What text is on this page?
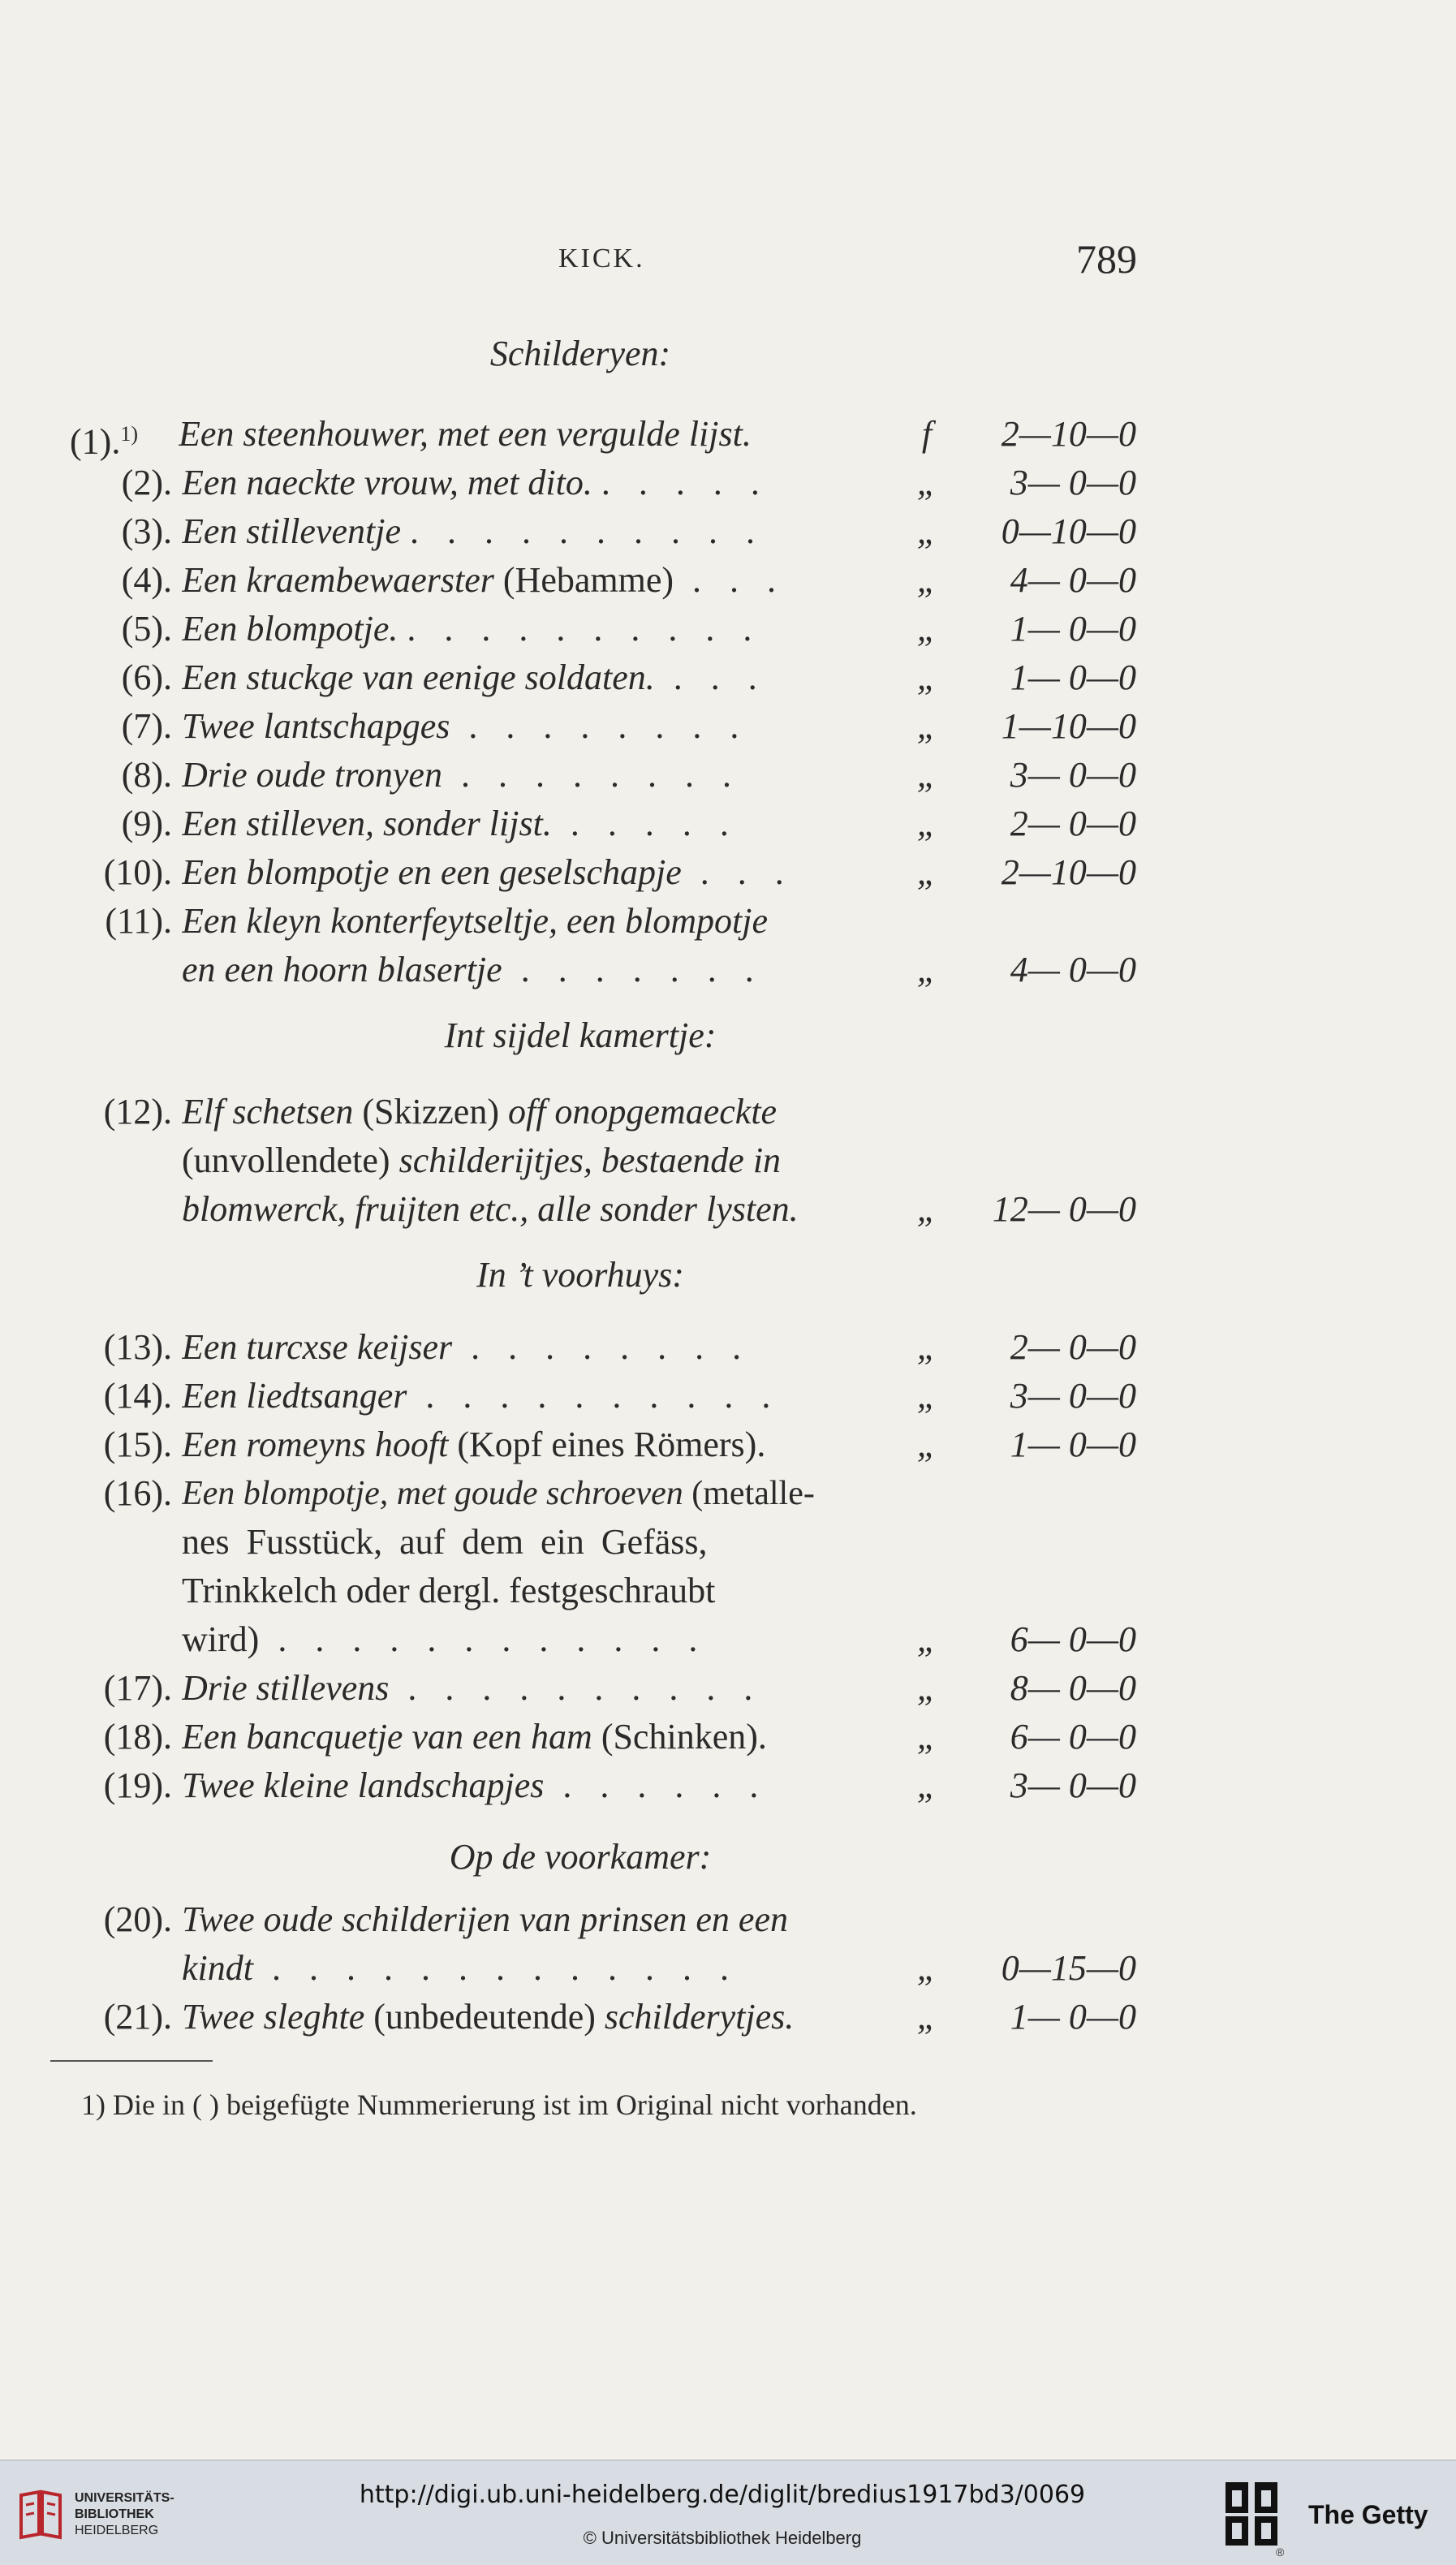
KICK.	789
Schilderyen:
(1).$^{1)}$ Een steenhouwer, met een vergulde lijst.	f	2—10—0
(2). Een naeckte vrouw, met dito. . . . . .	„	3— 0—0
(3). Een stilleventje . . . . . . . . . .	„	0—10—0
(4). Een kraembewaerster (Hebamme) . . .	„	4— 0—0
(5). Een blompotje. . . . . . . . . . .	„	1— 0—0
(6). Een stuckge van eenige soldaten. . . .	„	1— 0—0
(7). Twee lantschapges . . . . . . . .	„	1—10—0
(8). Drie oude tronyen . . . . . . . .	„	3— 0—0
(9). Een stilleven, sonder lijst. . . . . .	„	2— 0—0
(10). Een blompotje en een geselschapje . . .	„	2—10—0
(11). Een kleyn konterfeytseltje, een blompotje
en een hoorn blasertje . . . . . . .	„	4— 0—0
Int sijdel kamertje:
(12). Elf schetsen (Skizzen) off onopgemaeckte
(unvollendete) schilderijtjes, bestaende in
blomwerck, fruijten etc., alle sonder lysten.	„	12— 0—0
In ’t voorhuys:
(13). Een turcxse keijser . . . . . . . .	„	2— 0—0
(14). Een liedtsanger . . . . . . . . . .	„	3— 0—0
(15). Een romeyns hooft (Kopf eines Römers).	„	1— 0—0
(16). Een blompotje, met goude schroeven (metalle-
nes Fusstück, auf dem ein Gefäss,
Trinkkelch oder dergl. festgeschraubt
wird) . . . . . . . . . . . .	„	6— 0—0
(17). Drie stillevens . . . . . . . . . .	„	8— 0—0
(18). Een bancquetje van een ham (Schinken).	„	6— 0—0
(19). Twee kleine landschapjes . . . . . .	„	3— 0—0
Op de voorkamer:
(20). Twee oude schilderijen van prinsen en een
kindt . . . . . . . . . . . . .	„	0—15—0
(21). Twee sleghte (unbedeutende) schilderytjes.	„	1— 0—0
1) Die in ( ) beigefügte Nummerierung ist im Original nicht vorhanden.
UNIVERSITÄTS-
BIBLIOTHEK
HEIDELBERG
http://digi.ub.uni-heidelberg.de/diglit/bredius1917bd3/0069
© Universitätsbibliothek Heidelberg
®
The Getty
